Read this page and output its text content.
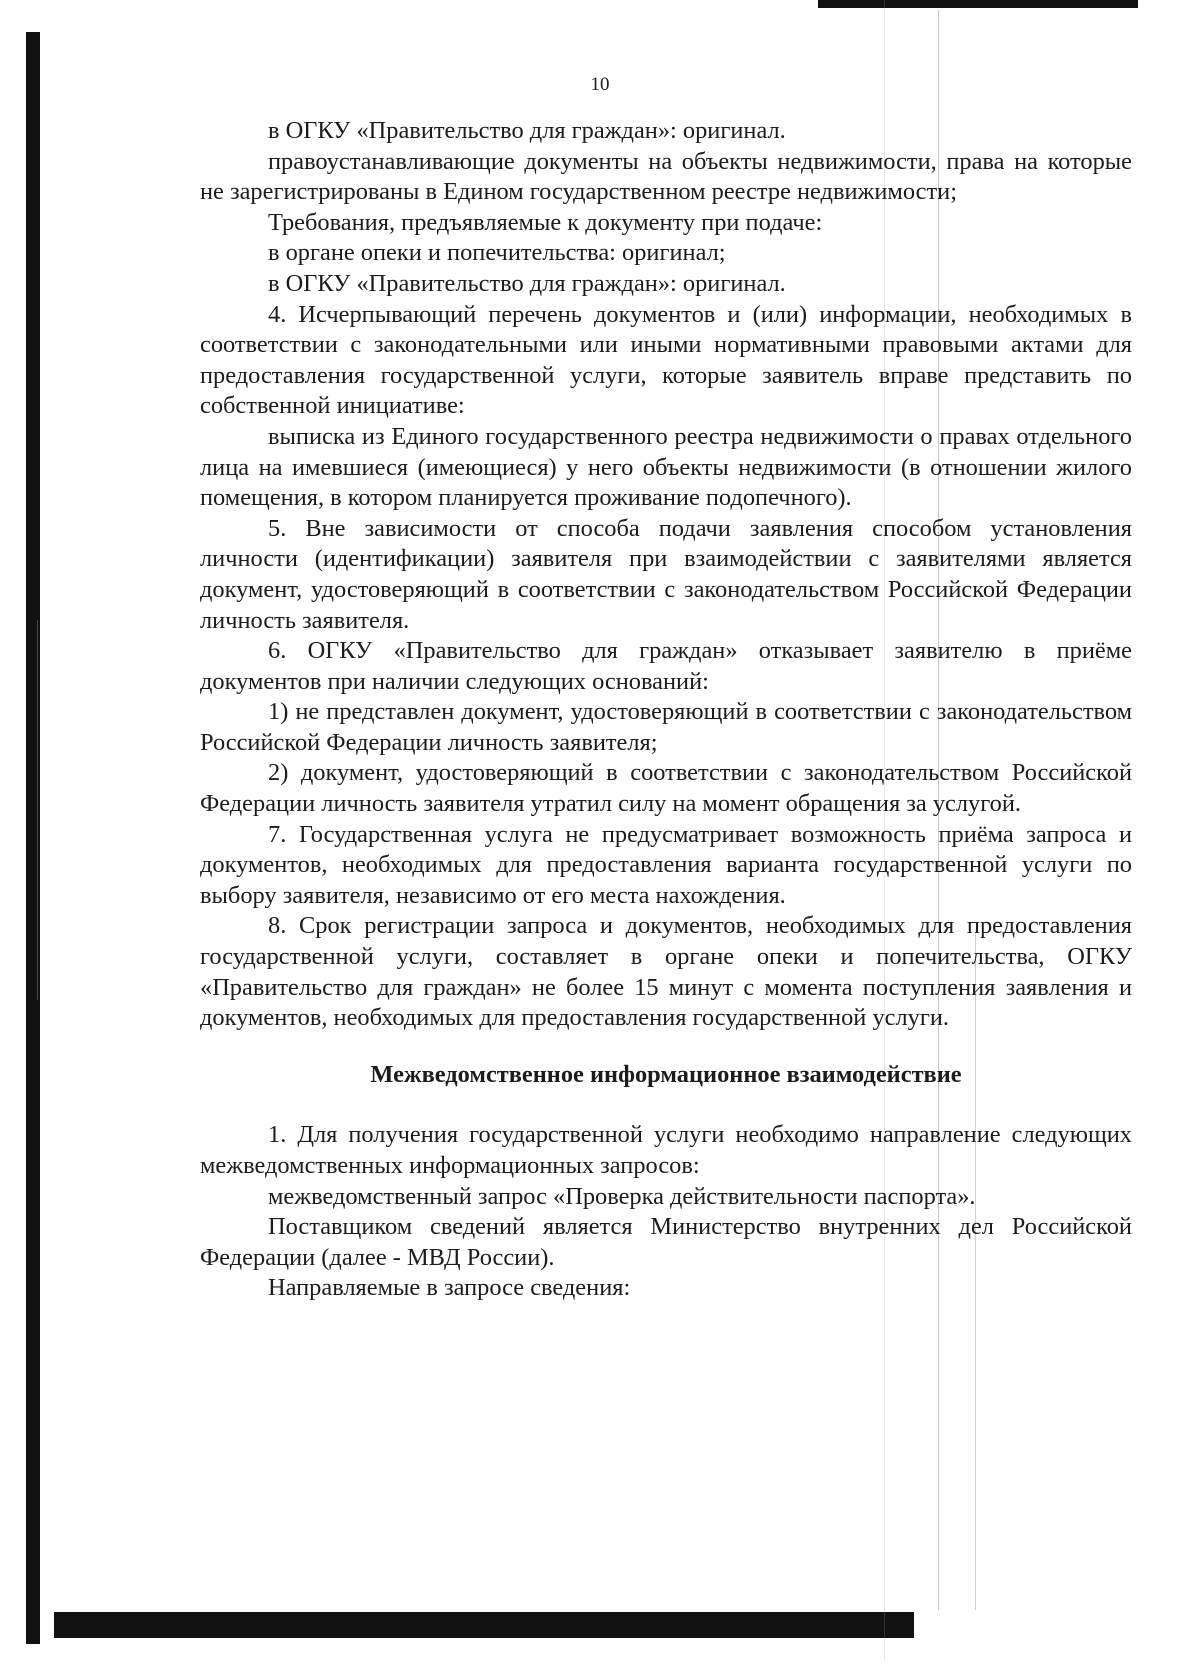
10

в ОГКУ «Правительство для граждан»: оригинал.

правоустанавливающие документы на объекты недвижимости, права на которые не зарегистрированы в Едином государственном реестре недвижимости;

Требования, предъявляемые к документу при подаче:

в органе опеки и попечительства: оригинал;

в ОГКУ «Правительство для граждан»: оригинал.

4. Исчерпывающий перечень документов и (или) информации, необходимых в соответствии с законодательными или иными нормативными правовыми актами для предоставления государственной услуги, которые заявитель вправе представить по собственной инициативе:

выписка из Единого государственного реестра недвижимости о правах отдельного лица на имевшиеся (имеющиеся) у него объекты недвижимости (в отношении жилого помещения, в котором планируется проживание подопечного).

5. Вне зависимости от способа подачи заявления способом установления личности (идентификации) заявителя при взаимодействии с заявителями является документ, удостоверяющий в соответствии с законодательством Российской Федерации личность заявителя.

6. ОГКУ «Правительство для граждан» отказывает заявителю в приёме документов при наличии следующих оснований:

1) не представлен документ, удостоверяющий в соответствии с законодательством Российской Федерации личность заявителя;

2) документ, удостоверяющий в соответствии с законодательством Российской Федерации личность заявителя утратил силу на момент обращения за услугой.

7. Государственная услуга не предусматривает возможность приёма запроса и документов, необходимых для предоставления варианта государственной услуги по выбору заявителя, независимо от его места нахождения.

8. Срок регистрации запроса и документов, необходимых для предоставления государственной услуги, составляет в органе опеки и попечительства, ОГКУ «Правительство для граждан» не более 15 минут с момента поступления заявления и документов, необходимых для предоставления государственной услуги.

Межведомственное информационное взаимодействие

1. Для получения государственной услуги необходимо направление следующих межведомственных информационных запросов:

межведомственный запрос «Проверка действительности паспорта».

Поставщиком сведений является Министерство внутренних дел Российской Федерации (далее - МВД России).

Направляемые в запросе сведения:
